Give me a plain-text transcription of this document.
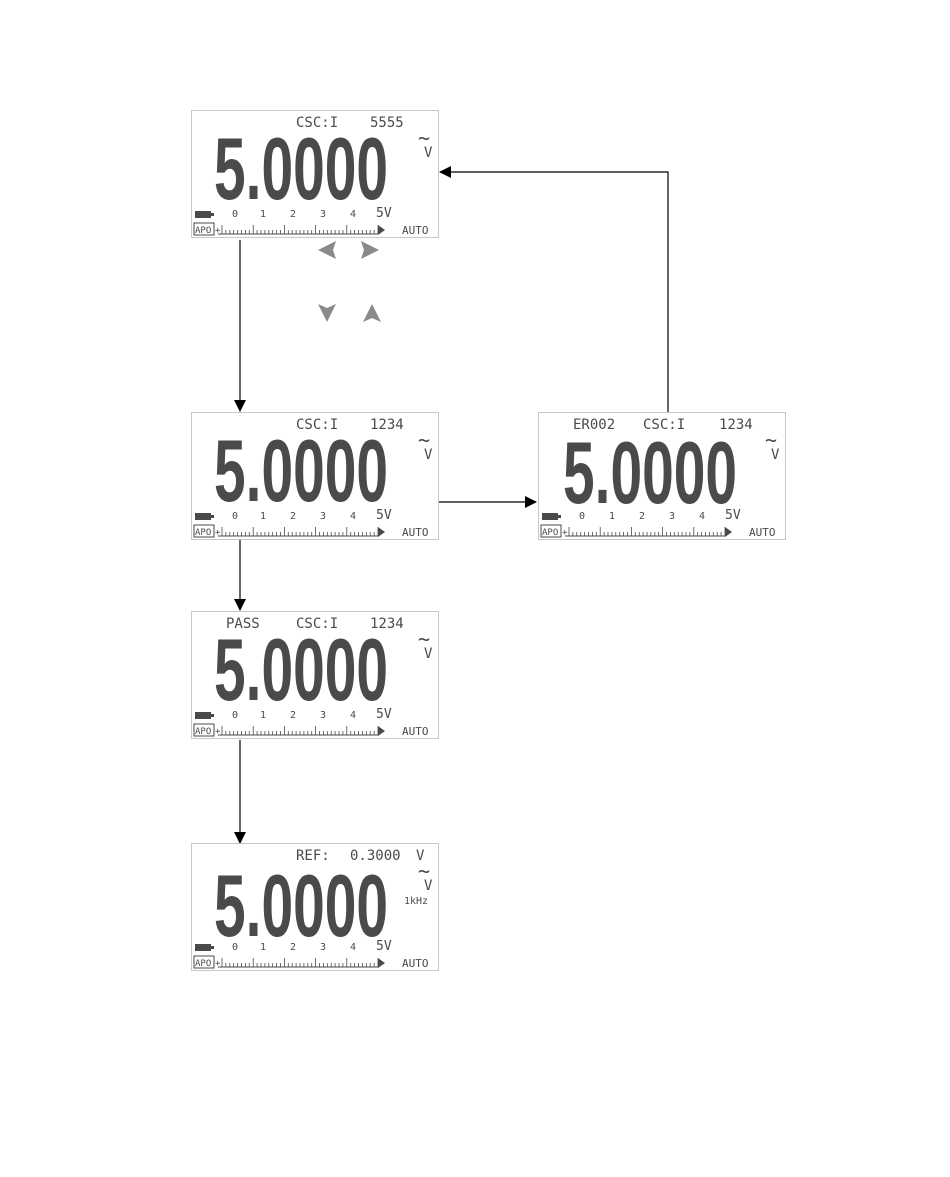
CSC:I 5555
5.0000 ~
V
0 1 2 3 4 5V
APO +	AUTO
CSC:I 1234
5.0000 ~
V
0 1 2 3 4 5V
APO +	AUTO
ER002 CSC:I 1234
5.0000 ~
V
0 1 2 3 4 5V
APO +	AUTO
PASS	CSC:I 1234
5.0000 ~
V
0 1 2 3 4 5V
APO +	AUTO
REF: 0.3000 V
5.0000 ~
V
1kHz
0 1 2 3 4 5V
APO +	AUTO
